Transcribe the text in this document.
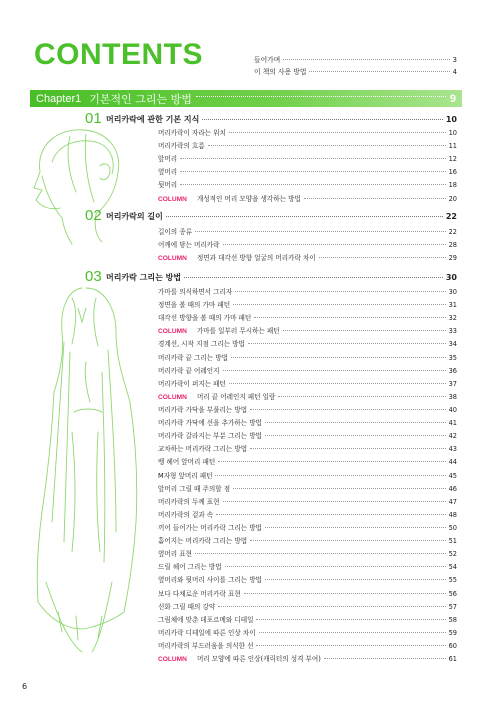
CONTENTS	들어가며	3
이 책의 사용 방법	4
Chapter1 기본적인 그리는 방법	9
01 머리카락에 관한 기본 지식	10
머리카락이 자라는 위치	10
머리카락의 흐름	11
앞머리	12
옆머리	16
뒷머리	18
COLUMN 개성적인 머리 모양을 생각하는 방법	20
02 머리카락의 길이	22
길이의 종류	22
어깨에 닿는 머리카락	28
COLUMN 정면과 대각선 방향 얼굴의 머리카락 차이	29
03 머리카락 그리는 방법	30
가마를 의식하면서 그리자	30
정면을 볼 때의 가마 패턴	31
대각선 방향을 볼 때의 가마 패턴	32
COLUMN 가마를 일부러 무시하는 패턴	33
경계선, 시작 지점 그리는 방법	34
머리카락 끝 그리는 방법	35
머리카락 끝 어레인지	36
머리카락이 퍼지는 패턴	37
COLUMN 머리 끝 어레인지 패턴 일람	38
머리카락 가닥을 부풀리는 방법	40
머리카락 가닥에 선을 추가하는 방법	41
머리카락 갈라지는 부분 그리는 방법	42
교차하는 머리카락 그리는 방법	43
뱅 헤어 앞머리 패턴	44
M자형 앞머리 패턴	45
앞머리 그릴 때 주의할 점	46
머리카락의 두께 표현	47
머리카락의 겉과 속	48
끼어 들어가는 머리카락 그리는 방법	50
흩어지는 머리카락 그리는 방법	51
옆머리 표현	52
드릴 헤어 그리는 방법	54
옆머리와 뒷머리 사이를 그리는 방법	55
보다 다채로운 머리카락 표현	56
선화 그릴 때의 강약	57
그림체에 맞춘 데포르메와 디테일	58
머리카락 디테일에 따른 인상 차이	59
머리카락의 부드러움을 의식한 선	60
COLUMN 머리 모양에 따른 인상(캐릭터의 성격 부여)	61
6
